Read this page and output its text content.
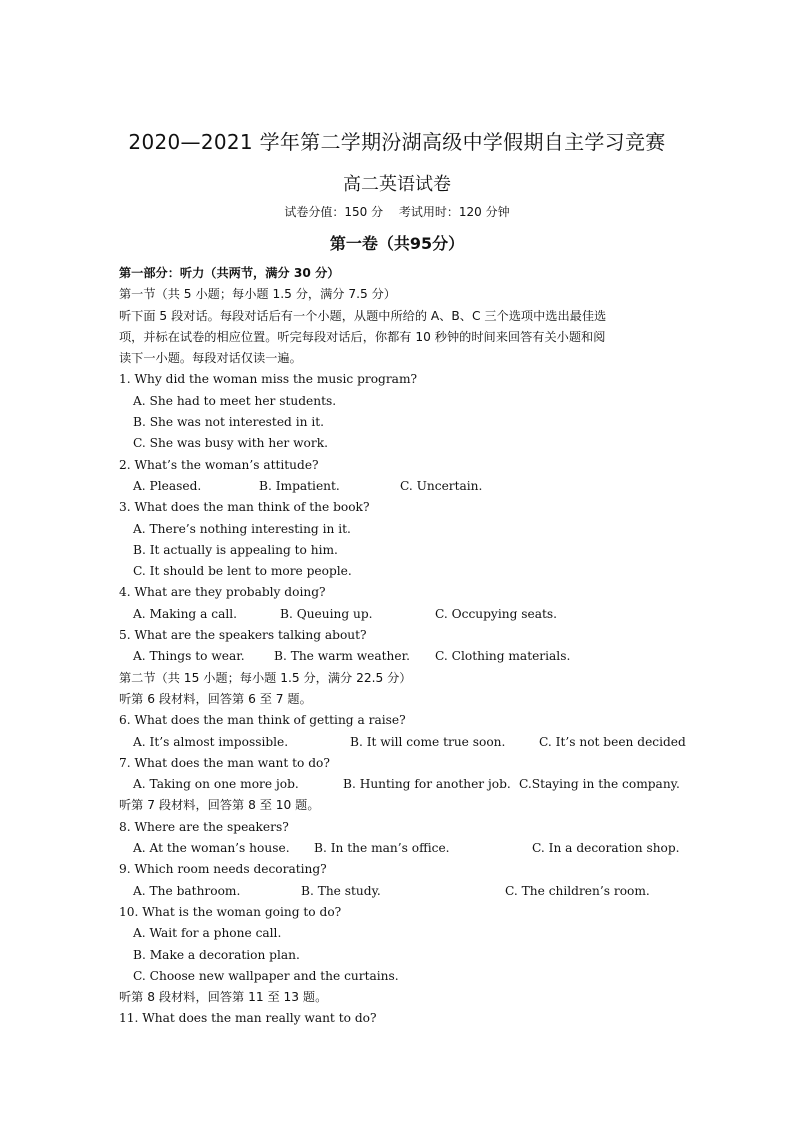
2020—2021 学年第二学期汾湖高级中学假期自主学习竞赛
高二英语试卷
试卷分值：150 分 考试用时：120 分钟
第一卷（共95分）
第一部分：听力（共两节，满分 30 分）
第一节（共 5 小题；每小题 1.5 分，满分 7.5 分）
听下面 5 段对话。每段对话后有一个小题，从题中所给的 A、B、C 三个选项中选出最佳选
项，并标在试卷的相应位置。听完每段对话后，你都有 10 秒钟的时间来回答有关小题和阅
读下一小题。每段对话仅读一遍。
1. Why did the woman miss the music program?
A. She had to meet her students.
B. She was not interested in it.
C. She was busy with her work.
2. What’s the woman’s attitude?
A. Pleased.	B. Impatient.	C. Uncertain.
3. What does the man think of the book?
A. There’s nothing interesting in it.
B. It actually is appealing to him.
C. It should be lent to more people.
4. What are they probably doing?
A. Making a call.	B. Queuing up.	C. Occupying seats.
5. What are the speakers talking about?
A. Things to wear. B. The warm weather. C. Clothing materials.
第二节（共 15 小题；每小题 1.5 分，满分 22.5 分）
听第 6 段材料，回答第 6 至 7 题。
6. What does the man think of getting a raise?
A. It’s almost impossible.	B. It will come true soon.	C. It’s not been decided
7. What does the man want to do?
A. Taking on one more job.	B. Hunting for another job. C.Staying in the company.
听第 7 段材料，回答第 8 至 10 题。
8. Where are the speakers?
A. At the woman’s house. B. In the man’s office.	C. In a decoration shop.
9. Which room needs decorating?
A. The bathroom.	B. The study.	C. The children’s room.
10. What is the woman going to do?
A. Wait for a phone call.
B. Make a decoration plan.
C. Choose new wallpaper and the curtains.
听第 8 段材料，回答第 11 至 13 题。
11. What does the man really want to do?
